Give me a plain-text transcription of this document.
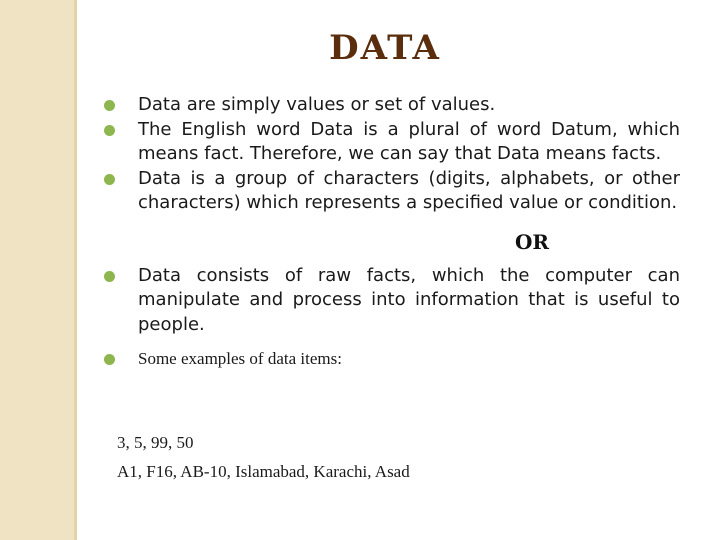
DATA
Data are simply values or set of values.
The English word Data is a plural of word Datum, which means fact. Therefore, we can say that Data means facts.
Data is a group of characters (digits, alphabets, or other characters) which represents a specified value or condition.
OR
Data consists of raw facts, which the computer can manipulate and process into information that is useful to people.
Some examples of data items:
3, 5, 99, 50
A1, F16, AB-10, Islamabad, Karachi, Asad
